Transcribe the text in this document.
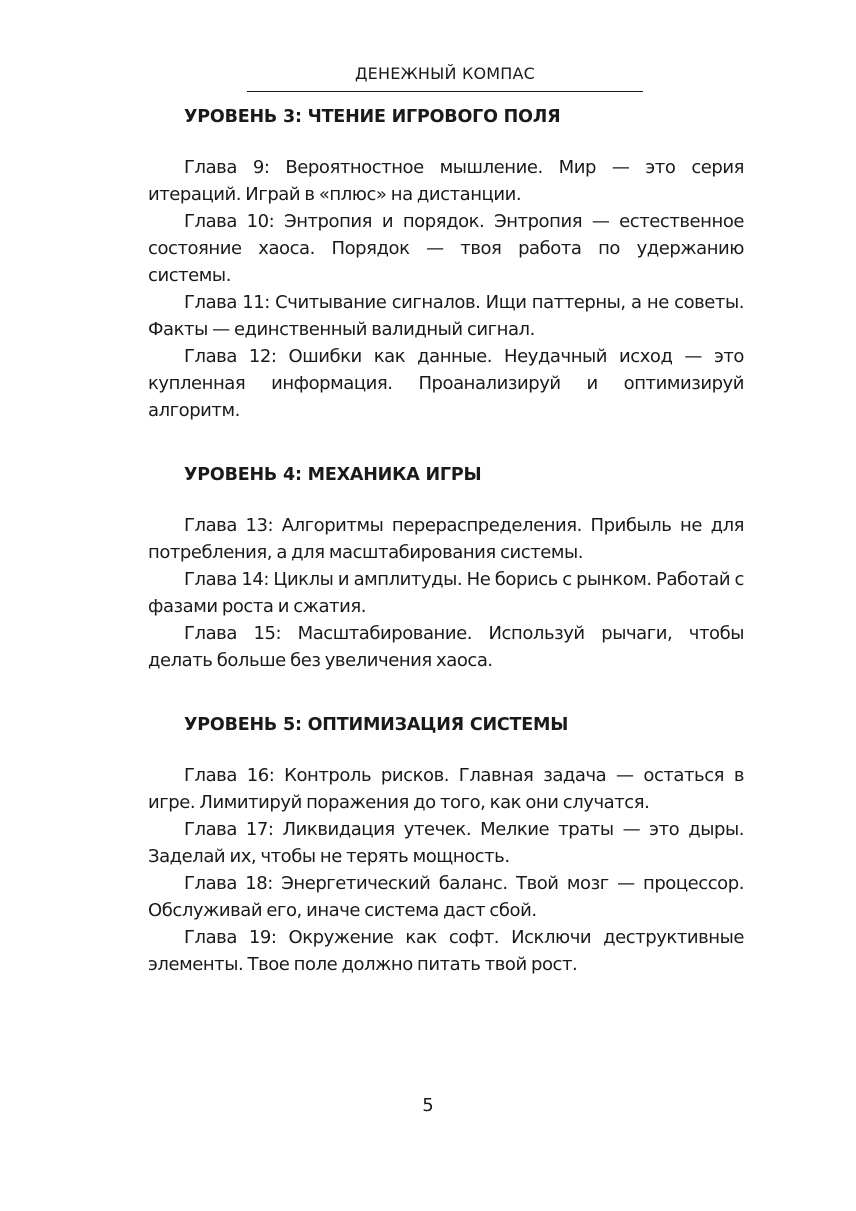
ДЕНЕЖНЫЙ КОМПАС
УРОВЕНЬ 3: ЧТЕНИЕ ИГРОВОГО ПОЛЯ

Глава 9: Вероятностное мышление. Мир — это серия итераций. Играй в «плюс» на дистанции.

Глава 10: Энтропия и порядок. Энтропия — естественное состояние хаоса. Порядок — твоя работа по удержанию системы.

Глава 11: Считывание сигналов. Ищи паттерны, а не советы. Факты — единственный валидный сигнал.

Глава 12: Ошибки как данные. Неудачный исход — это купленная информация. Проанализируй и оптимизируй алгоритм.

УРОВЕНЬ 4: МЕХАНИКА ИГРЫ

Глава 13: Алгоритмы перераспределения. Прибыль не для потребления, а для масштабирования системы.

Глава 14: Циклы и амплитуды. Не борись с рынком. Работай с фазами роста и сжатия.

Глава 15: Масштабирование. Используй рычаги, чтобы делать больше без увеличения хаоса.

УРОВЕНЬ 5: ОПТИМИЗАЦИЯ СИСТЕМЫ

Глава 16: Контроль рисков. Главная задача — остаться в игре. Лимитируй поражения до того, как они случатся.

Глава 17: Ликвидация утечек. Мелкие траты — это дыры. Заделай их, чтобы не терять мощность.

Глава 18: Энергетический баланс. Твой мозг — процессор. Обслуживай его, иначе система даст сбой.

Глава 19: Окружение как софт. Исключи деструктивные элементы. Твое поле должно питать твой рост.

5
